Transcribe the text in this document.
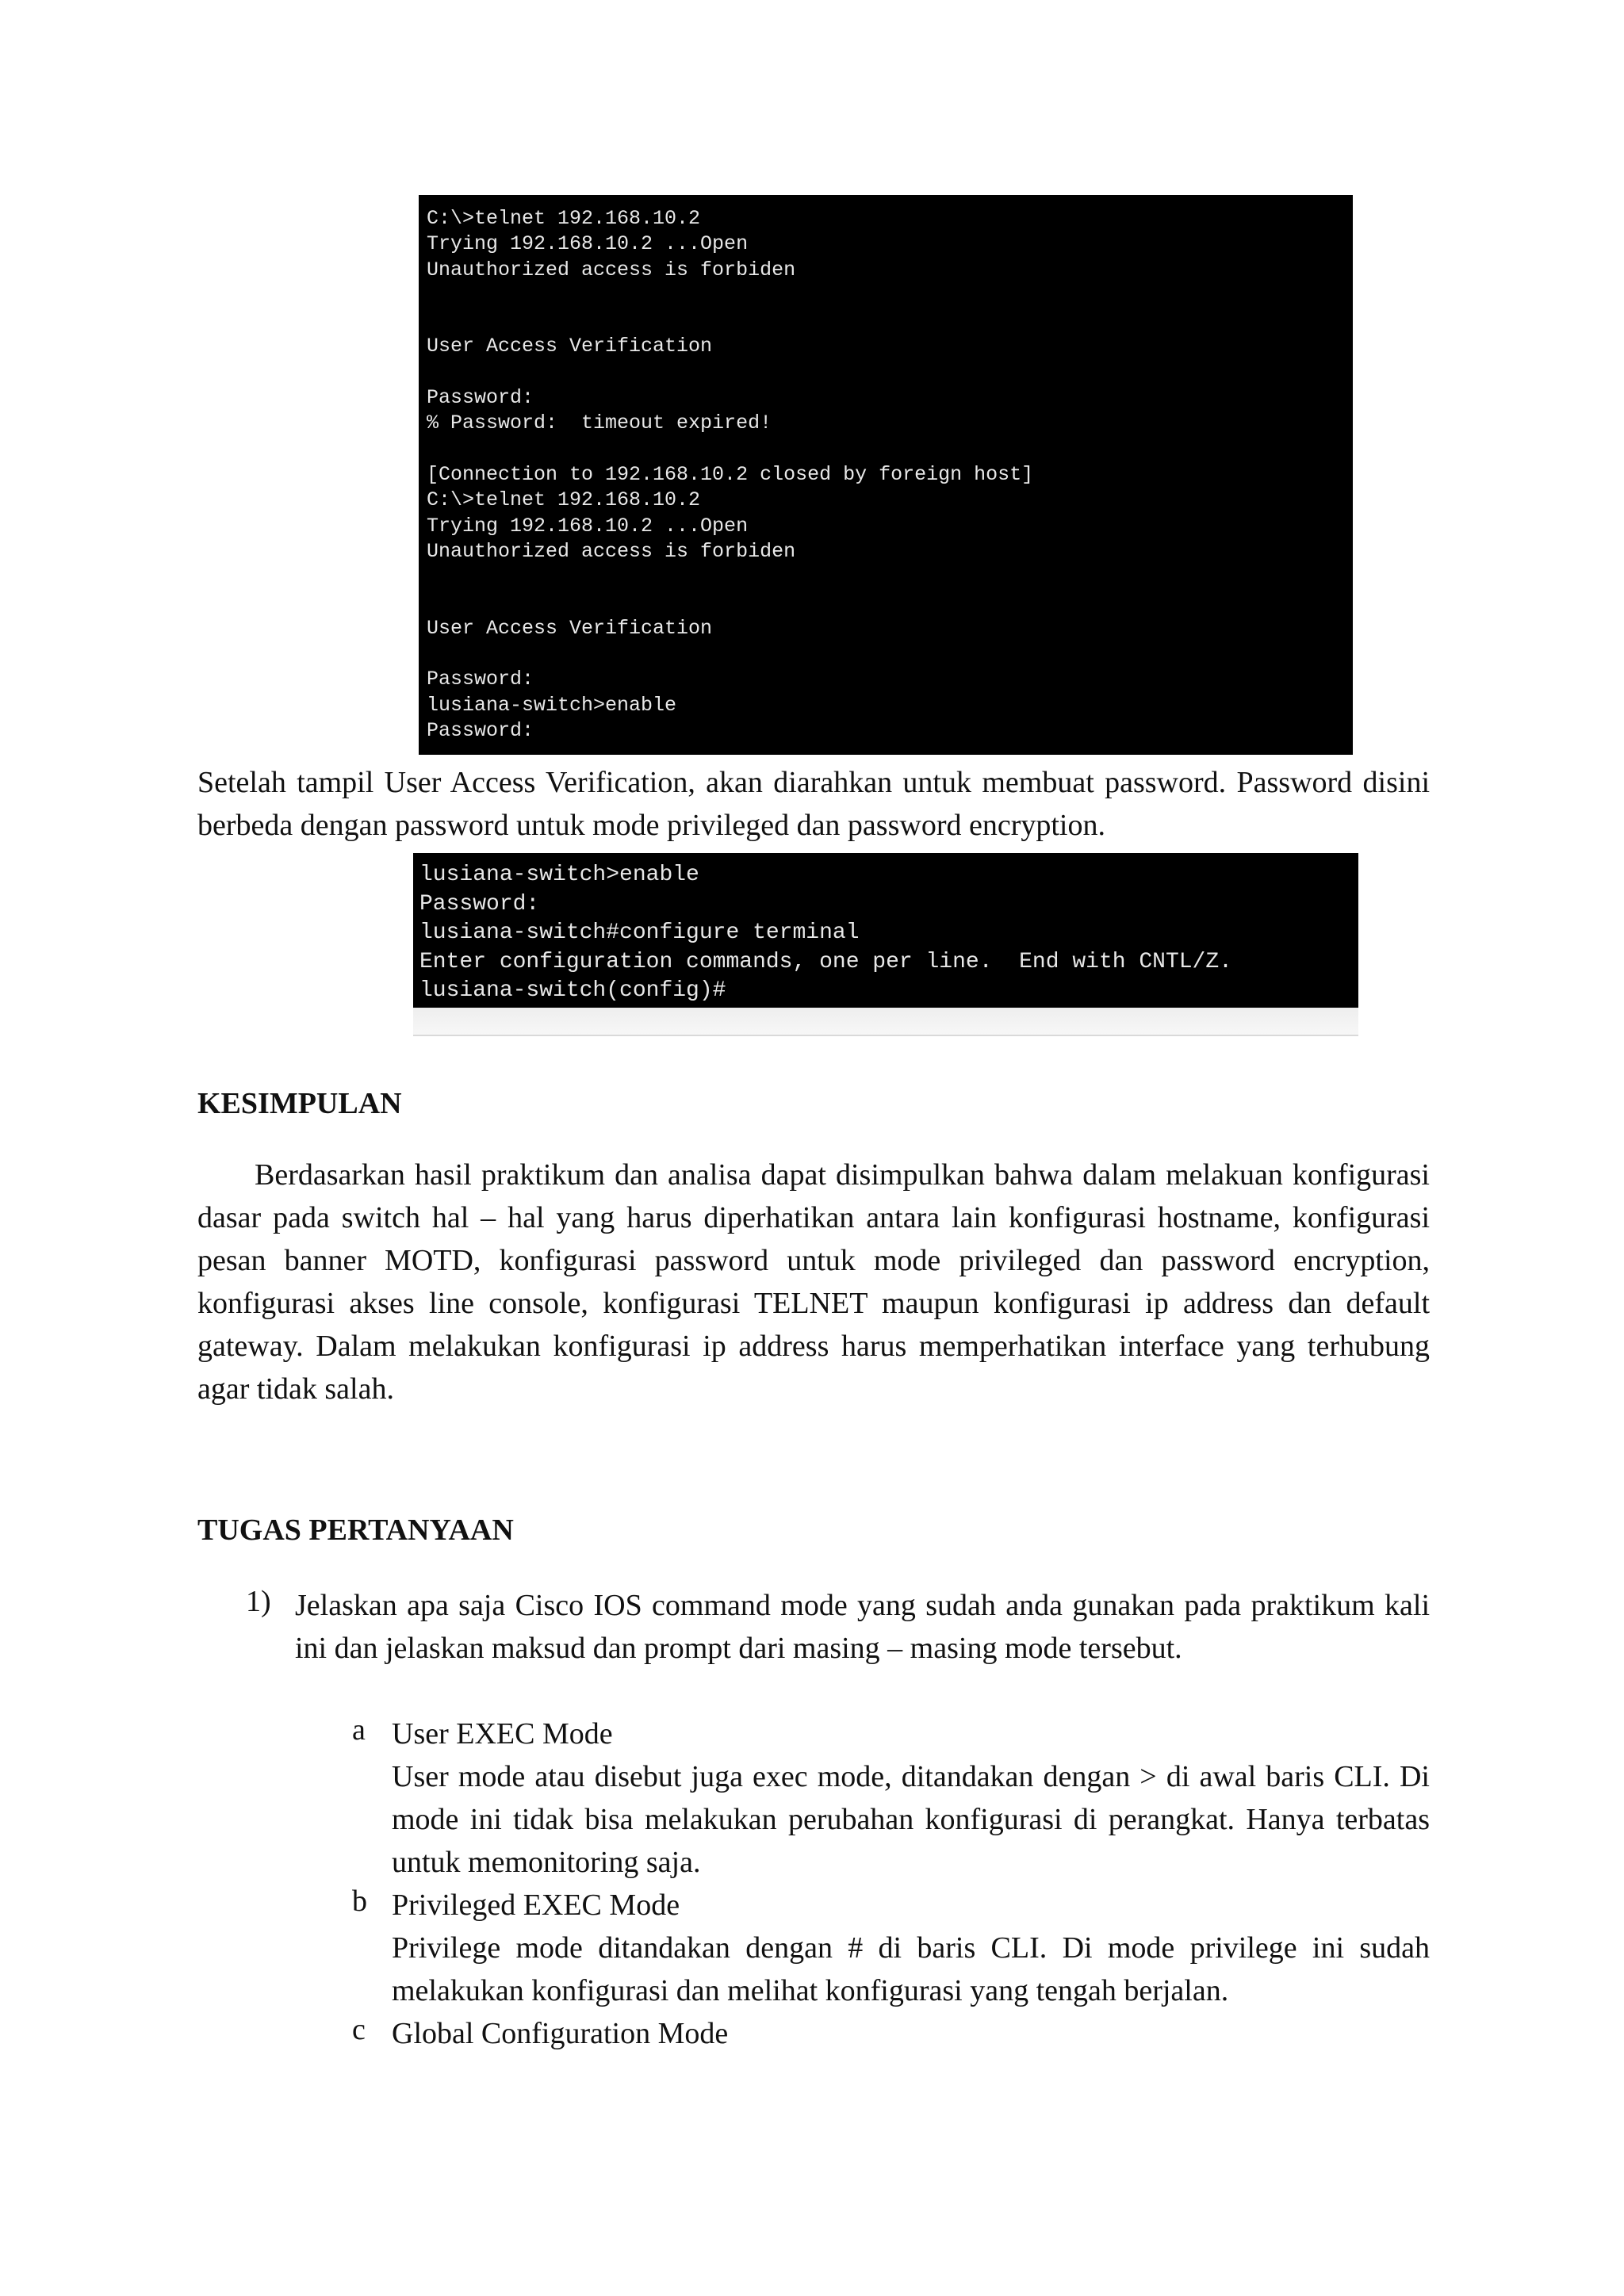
C:\>telnet 192.168.10.2
Trying 192.168.10.2 ...Open
Unauthorized access is forbiden
User Access Verification
Password:
% Password:  timeout expired!
[Connection to 192.168.10.2 closed by foreign host]
C:\>telnet 192.168.10.2
Trying 192.168.10.2 ...Open
Unauthorized access is forbiden
User Access Verification
Password:
lusiana-switch>enable
Password:
Setelah tampil User Access Verification, akan diarahkan untuk membuat password. Password disini berbeda dengan password untuk mode privileged dan password encryption.
lusiana-switch>enable
Password:
lusiana-switch#configure terminal
Enter configuration commands, one per line.  End with CNTL/Z.
lusiana-switch(config)#
KESIMPULAN
Berdasarkan hasil praktikum dan analisa dapat disimpulkan bahwa dalam melakuan konfigurasi dasar pada switch hal – hal yang harus diperhatikan antara lain konfigurasi hostname, konfigurasi pesan banner MOTD, konfigurasi password untuk mode privileged dan password encryption, konfigurasi akses line console, konfigurasi TELNET maupun konfigurasi ip address dan default gateway. Dalam melakukan konfigurasi ip address harus memperhatikan interface yang terhubung agar tidak salah.
TUGAS PERTANYAAN
1) Jelaskan apa saja Cisco IOS command mode yang sudah anda gunakan pada praktikum kali ini dan jelaskan maksud dan prompt dari masing – masing mode tersebut.
a User EXEC Mode
User mode atau disebut juga exec mode, ditandakan dengan > di awal baris CLI. Di mode ini tidak bisa melakukan perubahan konfigurasi di perangkat. Hanya terbatas untuk memonitoring saja.
b Privileged EXEC Mode
Privilege mode ditandakan dengan # di baris CLI. Di mode privilege ini sudah melakukan konfigurasi dan melihat konfigurasi yang tengah berjalan.
c Global Configuration Mode
